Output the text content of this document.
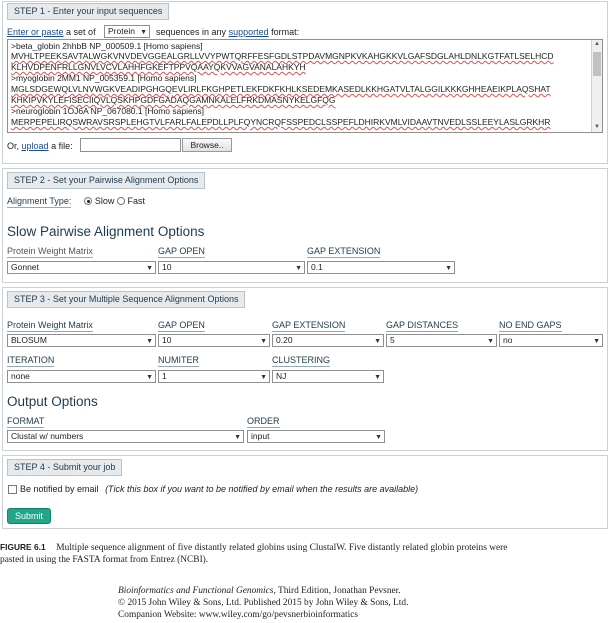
STEP 1 - Enter your input sequences
Enter or paste a set of	Protein ▼ sequences in any supported format:
>beta_globin 2hhbB NP_000509.1 [Homo sapiens]
MVHLTPEEKSAVTALWGKVNVDEVGGEALGRLLVVYPWTQRFFESFGDLSTPDAVMGNPKVKAHGKKVLGAFSDGLAHLDNLKGTFATLSELHCD
KLHVDPENFRLLGNVLVCVLAHHFGKEFTPPVQAAYQKVVAGVANALAHKYH
>myoglobin 2MM1 NP_005359.1 [Homo sapiens]
MGLSDGEWQLVLNVWGKVEADIPGHGQEVLIRLFKGHPETLEKFDKFKHLKSEDEMKASEDLKKHGATVLTALGGILKKKGHHEAEIKPLAQSHAT
KHKIPVKYLEFISECIIQVLQSKHPGDFGADAQGAMNKALELFRKDMASNYKELGFQG
>neuroglobin 1OJ6A NP_067080.1 [Homo sapiens]
MERPEPELIRQSWRAVSRSPLEHGTVLFARLFALEPDLLPLFQYNCRQFSSPEDCLSSPEFLDHIRKVMLVIDAAVTNVEDLSSLEEYLASLGRKHR
▲
▼
Or, upload a file:	Browse..
STEP 2 - Set your Pairwise Alignment Options
Alignment Type:	Slow Fast
Slow Pairwise Alignment Options
Protein Weight Matrix	GAP OPEN	GAP EXTENSION
Gonnet	▼	10	▼	0.1	▼
STEP 3 - Set your Multiple Sequence Alignment Options
Protein Weight Matrix	GAP OPEN	GAP EXTENSION	GAP DISTANCES	NO END GAPS
BLOSUM	▼	10	▼	0.20	▼	5	▼	no	▼
ITERATION	NUMITER	CLUSTERING
none	▼	1	▼	NJ	▼
Output Options
FORMAT	ORDER
Clustal w/ numbers	▼	input	▼
STEP 4 - Submit your job
Be notified by email (Tick this box if you want to be notified by email when the results are available)
Submit
FIGURE 6.1 Multiple sequence alignment of five distantly related globins using ClustalW. Five distantly related globin proteins were
pasted in using the FASTA format from Entrez (NCBI).
Bioinformatics and Functional Genomics, Third Edition, Jonathan Pevsner.
© 2015 John Wiley & Sons, Ltd. Published 2015 by John Wiley & Sons, Ltd.
Companion Website: www.wiley.com/go/pevsnerbioinformatics
